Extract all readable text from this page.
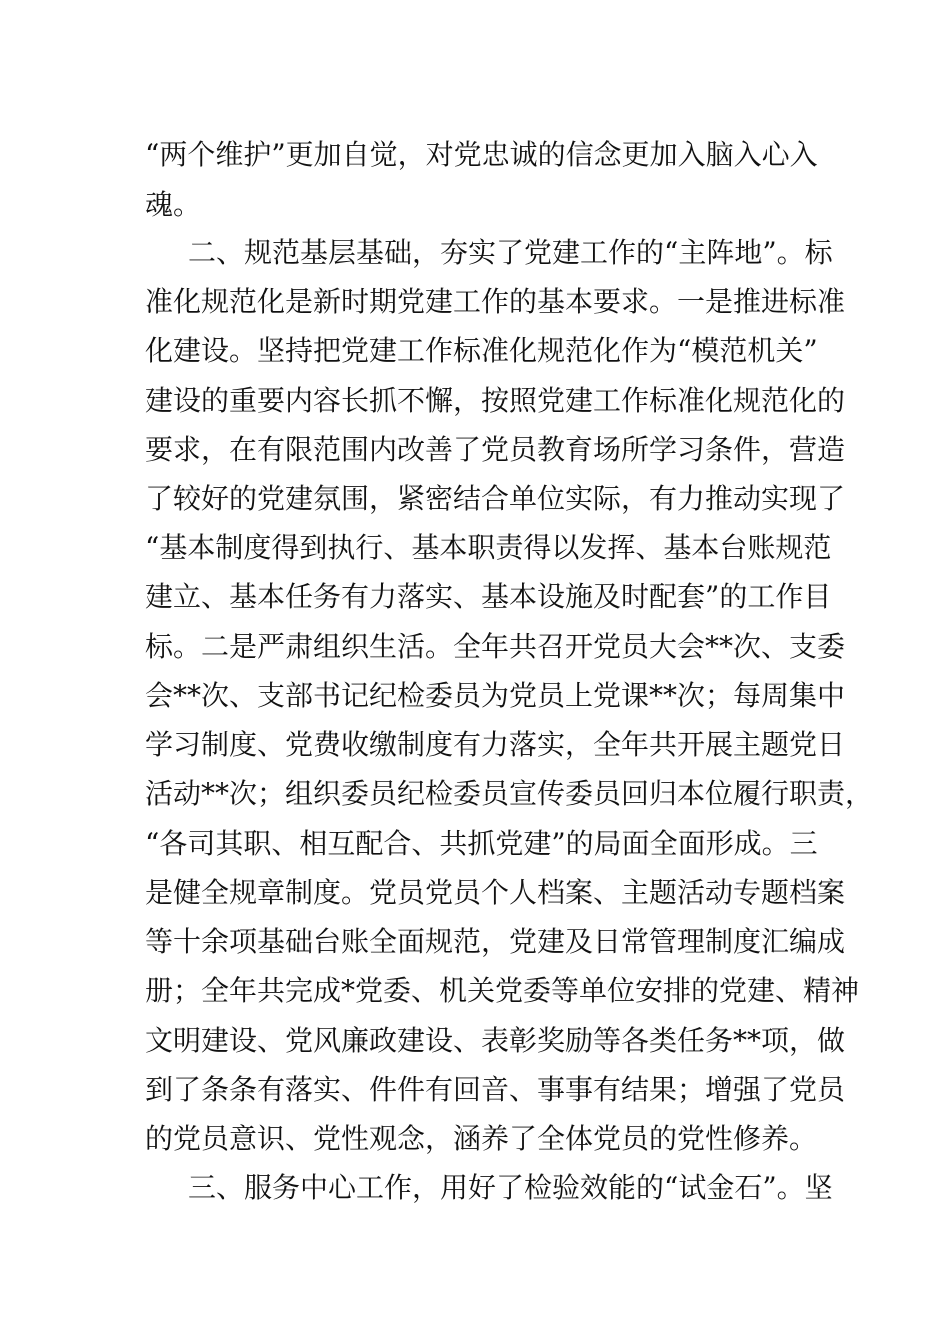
“两个维护”更加自觉，对党忠诚的信念更加入脑入心入
魂。
二、规范基层基础，夯实了党建工作的“主阵地”。标
准化规范化是新时期党建工作的基本要求。一是推进标准
化建设。坚持把党建工作标准化规范化作为“模范机关”
建设的重要内容长抓不懈，按照党建工作标准化规范化的
要求，在有限范围内改善了党员教育场所学习条件，营造
了较好的党建氛围，紧密结合单位实际，有力推动实现了
“基本制度得到执行、基本职责得以发挥、基本台账规范
建立、基本任务有力落实、基本设施及时配套”的工作目
标。二是严肃组织生活。全年共召开党员大会**次、支委
会**次、支部书记纪检委员为党员上党课**次；每周集中
学习制度、党费收缴制度有力落实，全年共开展主题党日
活动**次；组织委员纪检委员宣传委员回归本位履行职责，
“各司其职、相互配合、共抓党建”的局面全面形成。三
是健全规章制度。党员党员个人档案、主题活动专题档案
等十余项基础台账全面规范，党建及日常管理制度汇编成
册；全年共完成*党委、机关党委等单位安排的党建、精神
文明建设、党风廉政建设、表彰奖励等各类任务**项，做
到了条条有落实、件件有回音、事事有结果；增强了党员
的党员意识、党性观念，涵养了全体党员的党性修养。
三、服务中心工作，用好了检验效能的“试金石”。坚
